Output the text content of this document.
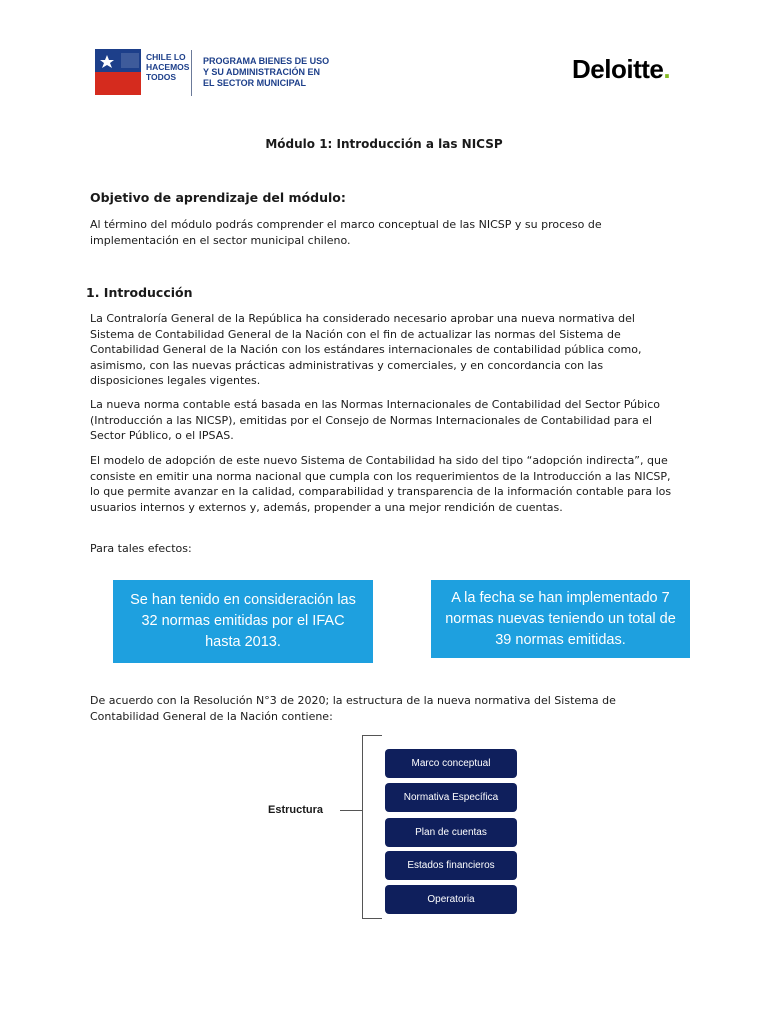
CHILE LO
HACEMOS
TODOS
PROGRAMA BIENES DE USO
Y SU ADMINISTRACIÓN EN
EL SECTOR MUNICIPAL	Deloitte.
Módulo 1: Introducción a las NICSP
Objetivo de aprendizaje del módulo:
Al término del módulo podrás comprender el marco conceptual de las NICSP y su proceso de implementación en el sector municipal chileno.
1. Introducción
La Contraloría General de la República ha considerado necesario aprobar una nueva normativa del Sistema de Contabilidad General de la Nación con el fin de actualizar las normas del Sistema de Contabilidad General de la Nación con los estándares internacionales de contabilidad pública como, asimismo, con las nuevas prácticas administrativas y comerciales, y en concordancia con las disposiciones legales vigentes.
La nueva norma contable está basada en las Normas Internacionales de Contabilidad del Sector Púbico (Introducción a las NICSP), emitidas por el Consejo de Normas Internacionales de Contabilidad para el Sector Público, o el IPSAS.
El modelo de adopción de este nuevo Sistema de Contabilidad ha sido del tipo “adopción indirecta”, que consiste en emitir una norma nacional que cumpla con los requerimientos de la Introducción a las NICSP, lo que permite avanzar en la calidad, comparabilidad y transparencia de la información contable para los usuarios internos y externos y, además, propender a una mejor rendición de cuentas.
Para tales efectos:
Se han tenido en consideración las 32 normas emitidas por el IFAC hasta 2013.
A la fecha se han implementado 7 normas nuevas teniendo un total de 39 normas emitidas.
De acuerdo con la Resolución N°3 de 2020; la estructura de la nueva normativa del Sistema de Contabilidad General de la Nación contiene:
Estructura
Marco conceptual
Normativa Específica
Plan de cuentas
Estados financieros
Operatoria
